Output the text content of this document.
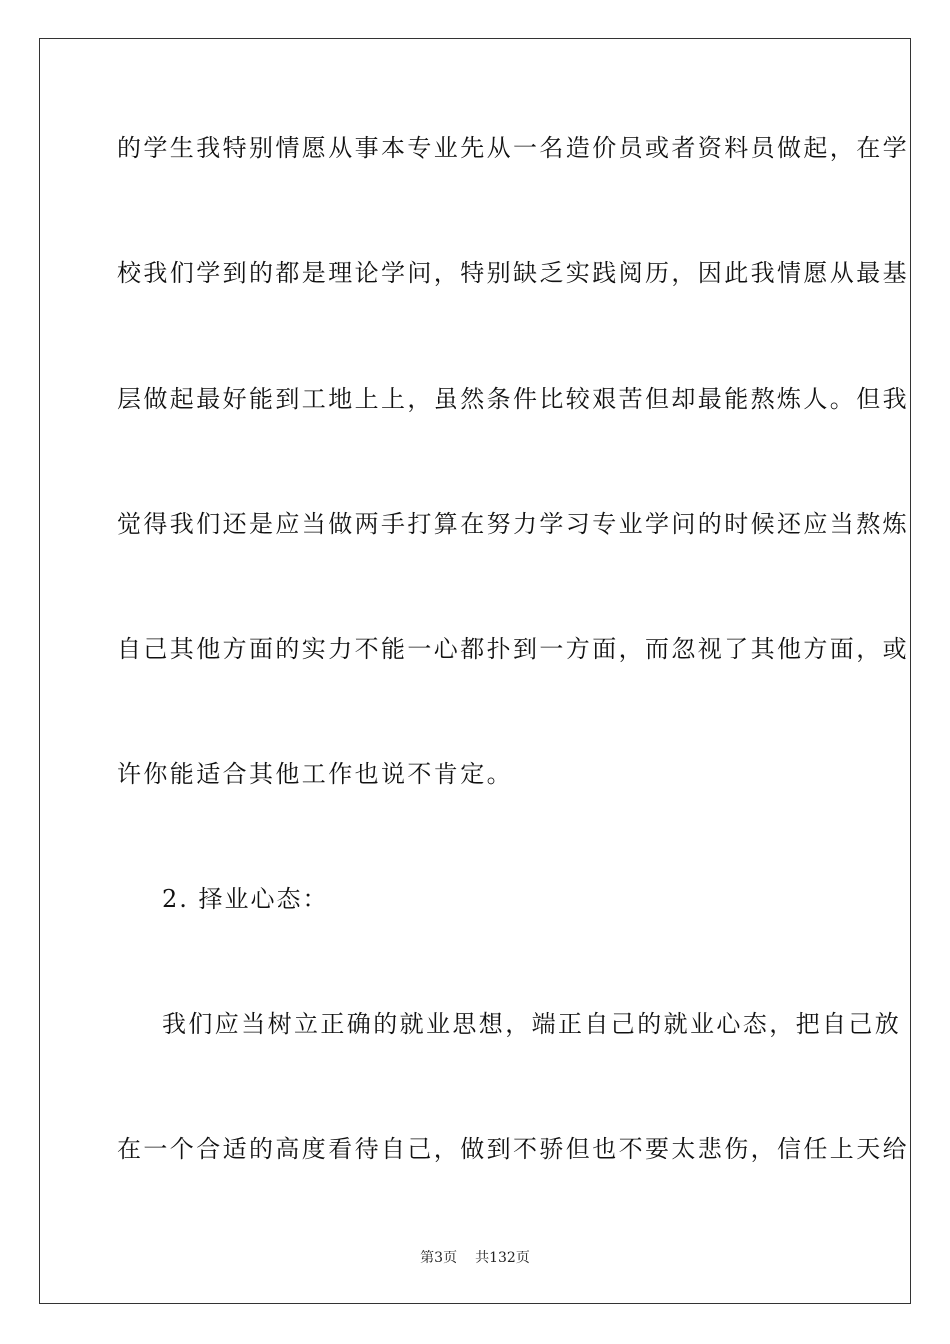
的学生我特别情愿从事本专业先从一名造价员或者资料员做起，在学
校我们学到的都是理论学问，特别缺乏实践阅历，因此我情愿从最基
层做起最好能到工地上上，虽然条件比较艰苦但却最能熬炼人。但我
觉得我们还是应当做两手打算在努力学习专业学问的时候还应当熬炼
自己其他方面的实力不能一心都扑到一方面，而忽视了其他方面，或
许你能适合其他工作也说不肯定。
2. 择业心态：
我们应当树立正确的就业思想，端正自己的就业心态，把自己放
在一个合适的高度看待自己，做到不骄但也不要太悲伤，信任上天给
第3页 共132页
